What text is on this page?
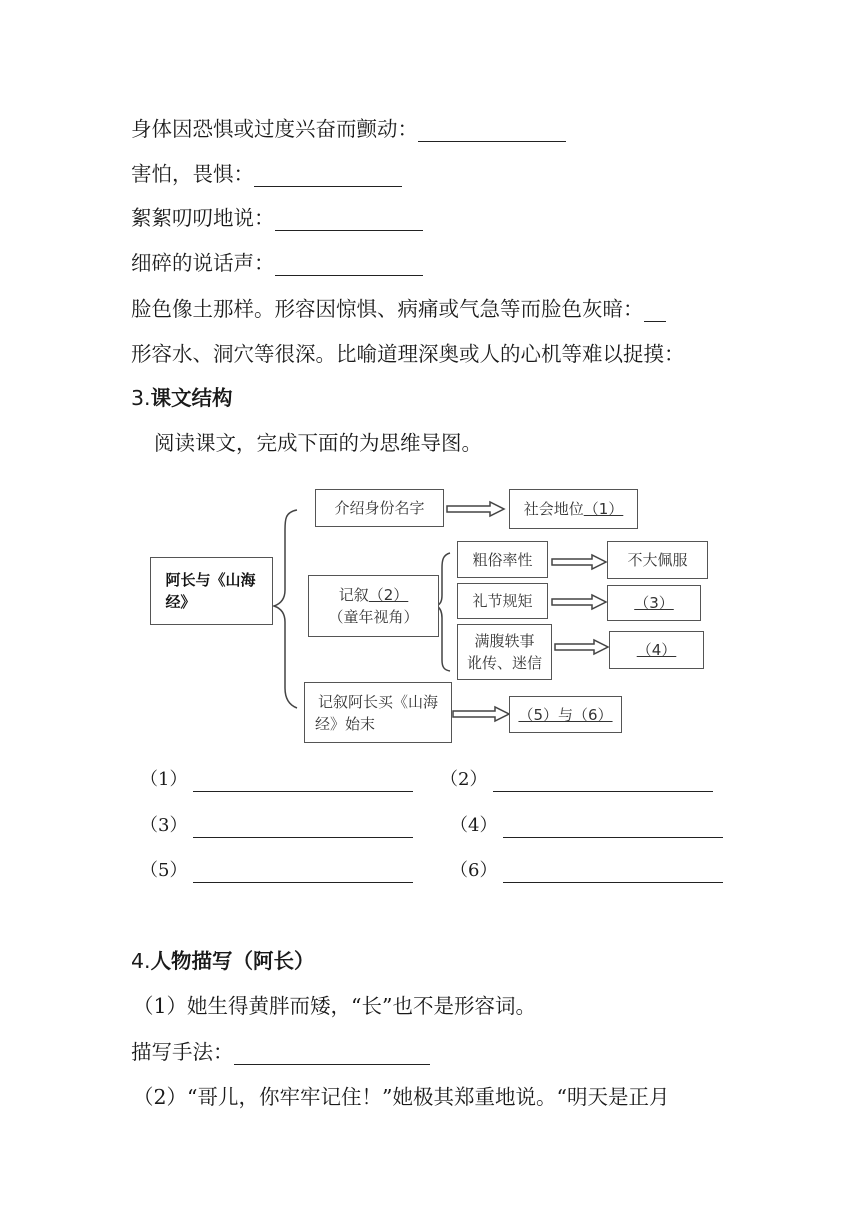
身体因恐惧或过度兴奋而颤动：
害怕，畏惧：
絮絮叨叨地说：
细碎的说话声：
脸色像土那样。形容因惊惧、病痛或气急等而脸色灰暗：
形容水、洞穴等很深。比喻道理深奥或人的心机等难以捉摸：
3.课文结构
阅读课文，完成下面的为思维导图。
阿长与《山海经》
介绍身份名字	社会地位 （1）
记叙（2）
（童年视角）
粗俗率性	不大佩服
礼节规矩	（3）
满腹轶事
讹传、迷信
（4）
记叙阿长买《山海
经》始末	（5）与（6）
（1）	（2）
（3）	（4）
（5）	（6）
4.人物描写（阿长）
（1）她生得黄胖而矮，“长”也不是形容词。
描写手法：
（2）“哥儿，你牢牢记住！”她极其郑重地说。“明天是正月
